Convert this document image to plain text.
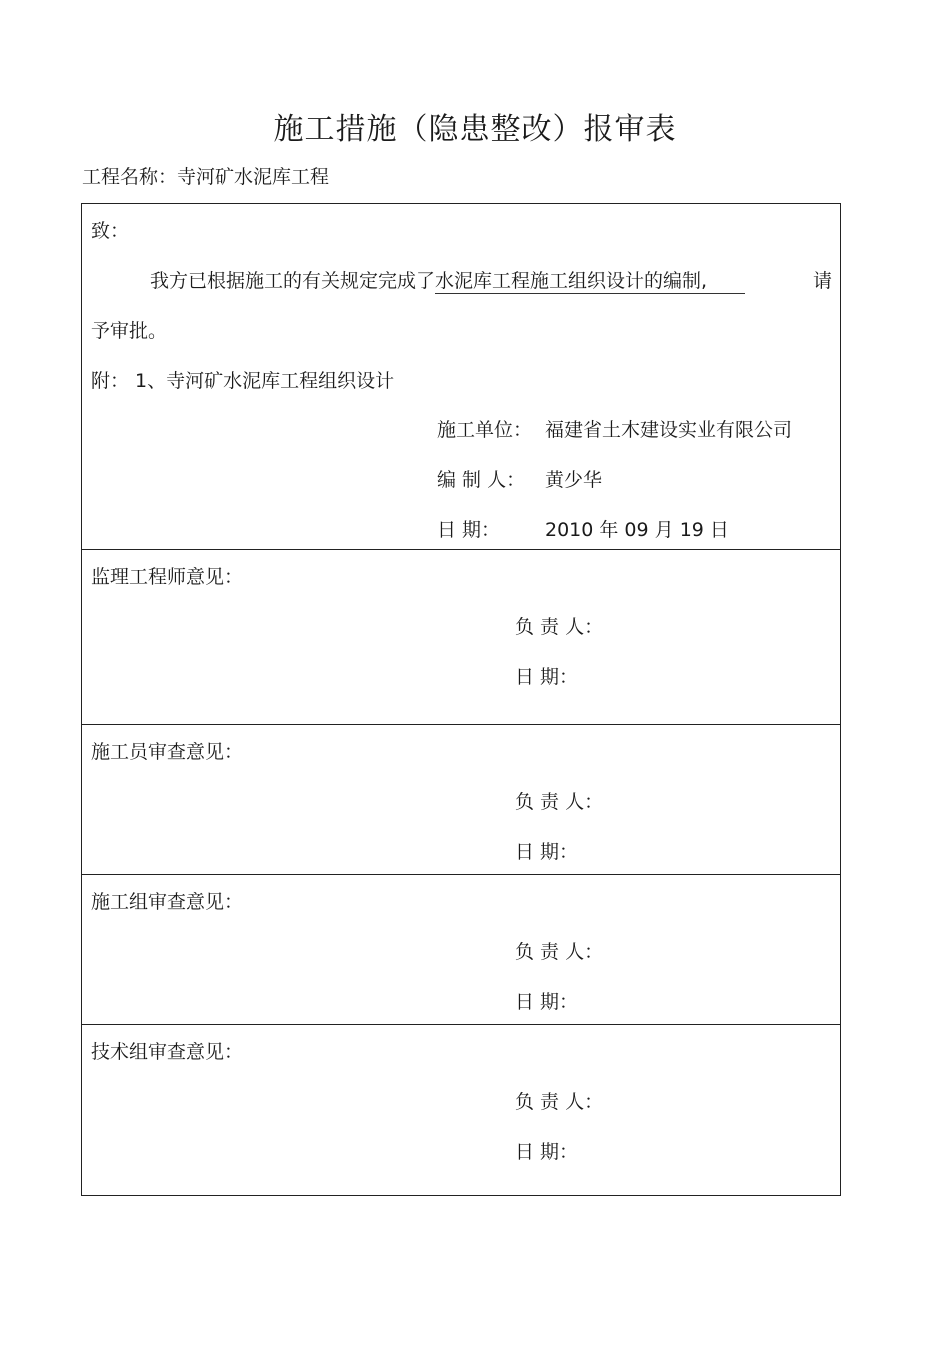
施工措施（隐患整改）报审表
工程名称：寺河矿水泥库工程
致：
我方已根据施工的有关规定完成了水泥库工程施工组织设计的编制,	请
予审批。
附： 1、寺河矿水泥库工程组织设计
施工单位： 福建省土木建设实业有限公司
编 制 人： 黄少华
日 期： 2010 年 09 月 19 日
监理工程师意见：
负 责 人：
日 期：
施工员审查意见：
负 责 人：
日 期：
施工组审查意见：
负 责 人：
日 期：
技术组审查意见：
负 责 人：
日 期：
